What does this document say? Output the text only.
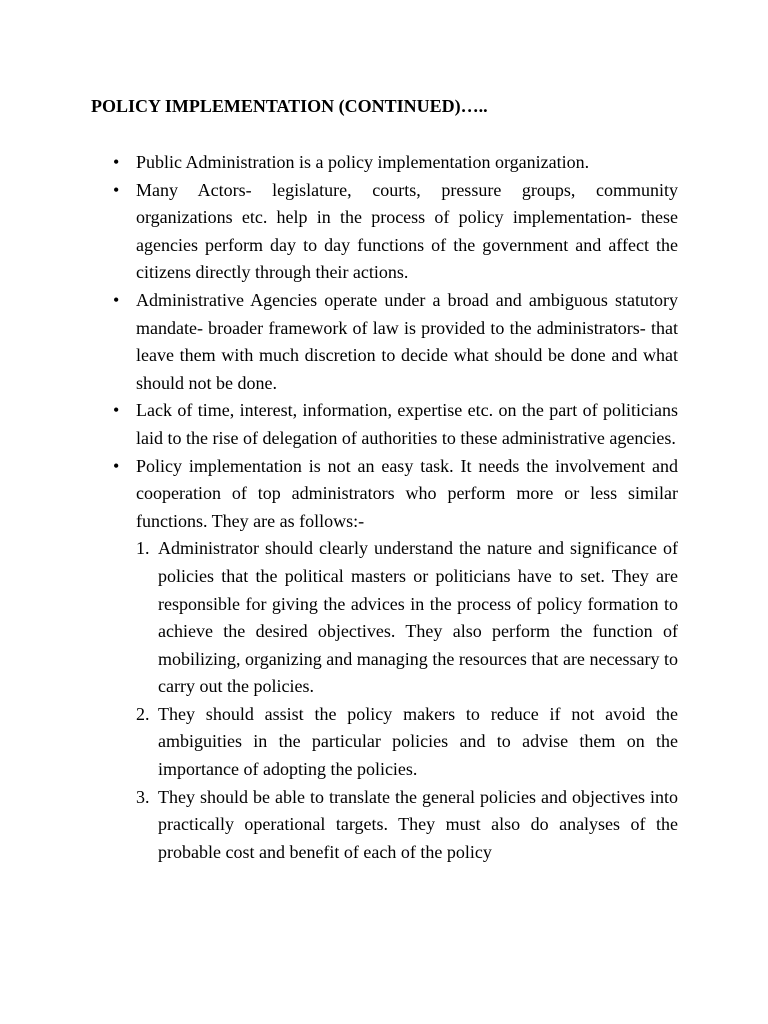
POLICY IMPLEMENTATION (CONTINUED)…..
• Public Administration is a policy implementation organization.
• Many Actors- legislature, courts, pressure groups, community organizations etc. help in the process of policy implementation- these agencies perform day to day functions of the government and affect the citizens directly through their actions.
• Administrative Agencies operate under a broad and ambiguous statutory mandate- broader framework of law is provided to the administrators- that leave them with much discretion to decide what should be done and what should not be done.
• Lack of time, interest, information, expertise etc. on the part of politicians laid to the rise of delegation of authorities to these administrative agencies.
• Policy implementation is not an easy task. It needs the involvement and cooperation of top administrators who perform more or less similar functions. They are as follows:-
1. Administrator should clearly understand the nature and significance of policies that the political masters or politicians have to set. They are responsible for giving the advices in the process of policy formation to achieve the desired objectives. They also perform the function of mobilizing, organizing and managing the resources that are necessary to carry out the policies.
2. They should assist the policy makers to reduce if not avoid the ambiguities in the particular policies and to advise them on the importance of adopting the policies.
3. They should be able to translate the general policies and objectives into practically operational targets. They must also do analyses of the probable cost and benefit of each of the policy
